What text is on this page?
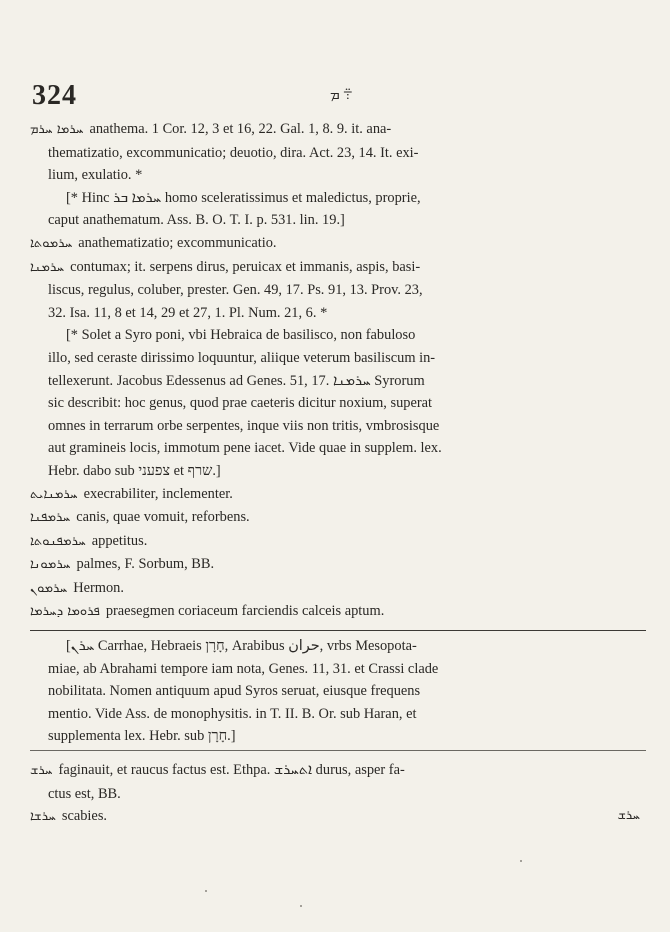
324	܊ ܡ
ܚܪܡܐ ܚܪܡ anathema. 1 Cor. 12, 3 et 16, 22. Gal. 1, 8. 9. it. ana-
thematizatio, excommunicatio; deuotio, dira. Act. 23, 14. It. exi-
lium, exulatio. *
[* Hinc ܚܪܡܐ ܒܪ homo sceleratissimus et maledictus, proprie,
caput anathematum. Ass. B. O. T. I. p. 531. lin. 19.]
ܚܪܡܘܬܐ anathematizatio; excommunicatio.
ܚܪܡܢܐ contumax; it. serpens dirus, peruicax et immanis, aspis, basi-
liscus, regulus, coluber, prester. Gen. 49, 17. Ps. 91, 13. Prov. 23,
32. Isa. 11, 8 et 14, 29 et 27, 1. Pl. Num. 21, 6. *
[* Solet a Syro poni, vbi Hebraica de basilisco, non fabuloso
illo, sed ceraste dirissimo loquuntur, aliique veterum basiliscum in-
tellexerunt. Jacobus Edessenus ad Genes. 51, 17. ܚܪܡܢܐ Syrorum
sic describit: hoc genus, quod prae caeteris dicitur noxium, superat
omnes in terrarum orbe serpentes, inque viis non tritis, vmbrosisque
aut gramineis locis, immotum pene iacet. Vide quae in supplem. lex.
Hebr. dabo sub צפעני et שרף.]
ܚܪܡܢܐܝܬ execrabiliter, inclementer.
ܚܪܡܦܢܐ canis, quae vomuit, reforbens.
ܚܪܡܦܢܘܬܐ appetitus.
ܚܪܡܘܢܐ palmes, F. Sorbum, BB.
ܚܪܡܘܢ Hermon.
ܦܪܘܡܐ ܕܚܪܡܐ praesegmen coriaceum farciendis calceis aptum.
[ܚܪܢ Carrhae, Hebraeis חָרָן, Arabibus حران, vrbs Mesopota-
miae, ab Abrahami tempore iam nota, Genes. 11, 31. et Crassi clade
nobilitata. Nomen antiquum apud Syros seruat, eiusque frequens
mentio. Vide Ass. de monophysitis. in T. II. B. Or. sub Haran, et
supplementa lex. Hebr. sub חָרָן.]
ܚܪܫ faginauit, et raucus factus est. Ethpa. ܐܬܚܪܫ durus, asper fa-
ctus est, BB.
ܚܪܫܐ scabies.	ܚܪܫ
